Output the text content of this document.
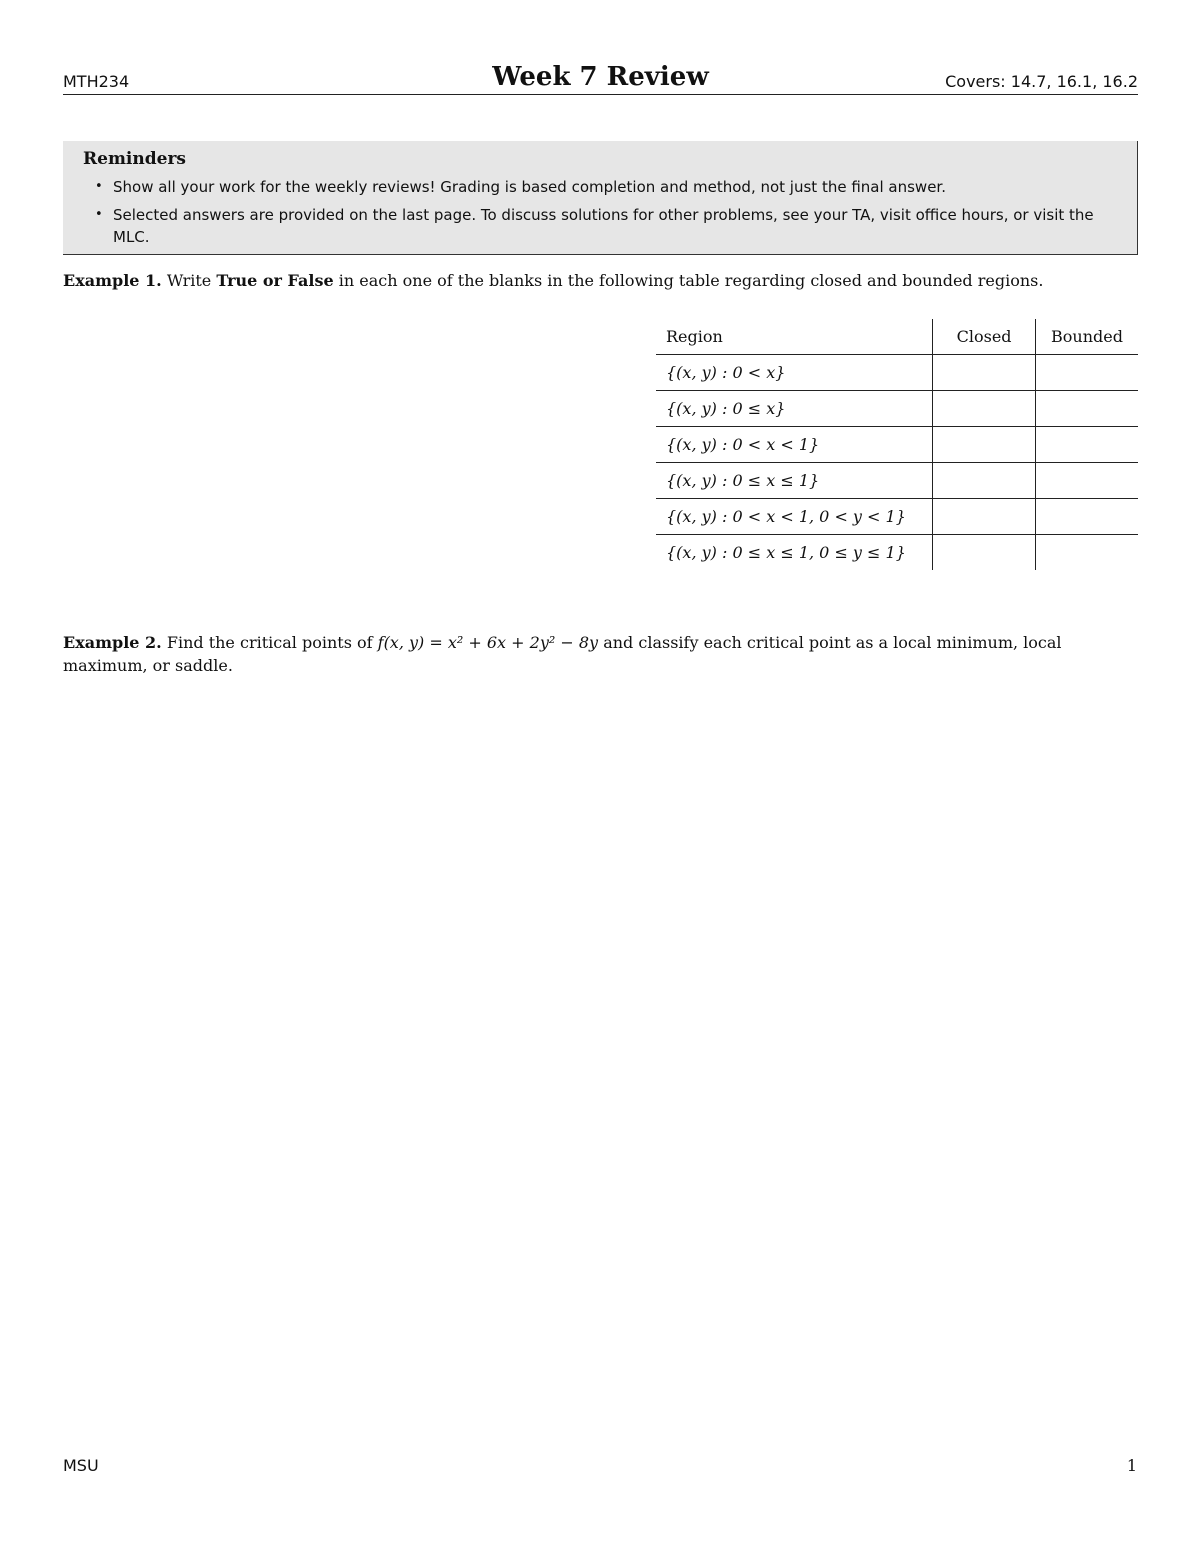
MTH234	Week 7 Review	Covers: 14.7, 16.1, 16.2
Reminders
• Show all your work for the weekly reviews! Grading is based completion and method, not just the final answer.
• Selected answers are provided on the last page. To discuss solutions for other problems, see your TA, visit office hours, or visit the MLC.
Example 1. Write True or False in each one of the blanks in the following table regarding closed and bounded regions.
Region	Closed	Bounded
{(x, y) : 0 < x}		
{(x, y) : 0 ≤ x}		
{(x, y) : 0 < x < 1}		
{(x, y) : 0 ≤ x ≤ 1}		
{(x, y) : 0 < x < 1, 0 < y < 1}		
{(x, y) : 0 ≤ x ≤ 1, 0 ≤ y ≤ 1}		
Example 2. Find the critical points of f(x, y) = x² + 6x + 2y² − 8y and classify each critical point as a local minimum, local maximum, or saddle.
MSU	1
